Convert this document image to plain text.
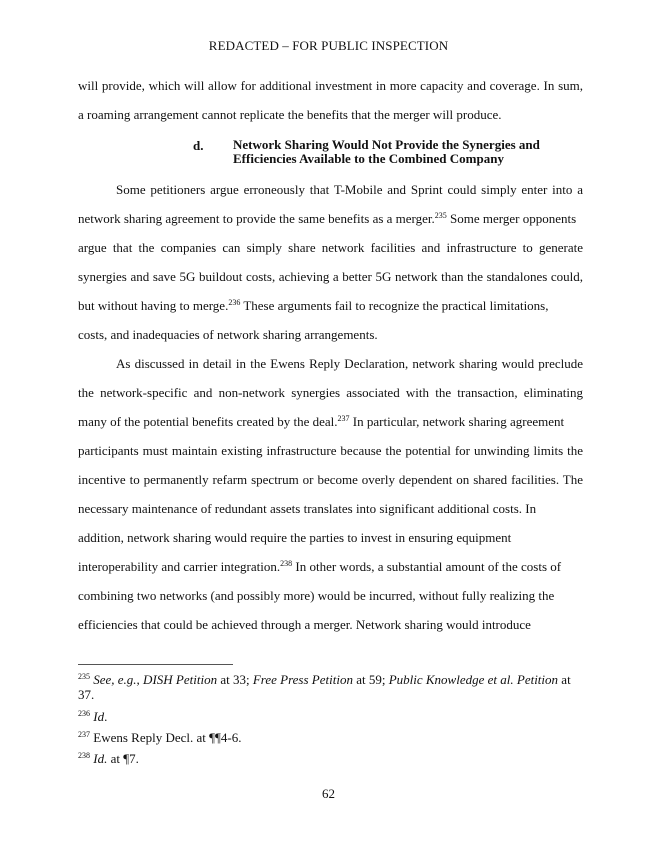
REDACTED – FOR PUBLIC INSPECTION
will provide, which will allow for additional investment in more capacity and coverage. In sum,
a roaming arrangement cannot replicate the benefits that the merger will produce.
d. Network Sharing Would Not Provide the Synergies and
Efficiencies Available to the Combined Company
Some petitioners argue erroneously that T-Mobile and Sprint could simply enter into a
network sharing agreement to provide the same benefits as a merger.$^{235}$ Some merger opponents
argue that the companies can simply share network facilities and infrastructure to generate
synergies and save 5G buildout costs, achieving a better 5G network than the standalones could,
but without having to merge.$^{236}$ These arguments fail to recognize the practical limitations,
costs, and inadequacies of network sharing arrangements.
As discussed in detail in the Ewens Reply Declaration, network sharing would preclude
the network-specific and non-network synergies associated with the transaction, eliminating
many of the potential benefits created by the deal.$^{237}$ In particular, network sharing agreement
participants must maintain existing infrastructure because the potential for unwinding limits the
incentive to permanently refarm spectrum or become overly dependent on shared facilities. The
necessary maintenance of redundant assets translates into significant additional costs. In
addition, network sharing would require the parties to invest in ensuring equipment
interoperability and carrier integration.$^{238}$ In other words, a substantial amount of the costs of
combining two networks (and possibly more) would be incurred, without fully realizing the
efficiencies that could be achieved through a merger. Network sharing would introduce
$^{235}$ See, e.g., DISH Petition at 33; Free Press Petition at 59; Public Knowledge et al. Petition at
37.
$^{236}$ Id.
$^{237}$ Ewens Reply Decl. at ¶¶4-6.
$^{238}$ Id. at ¶7.
62
